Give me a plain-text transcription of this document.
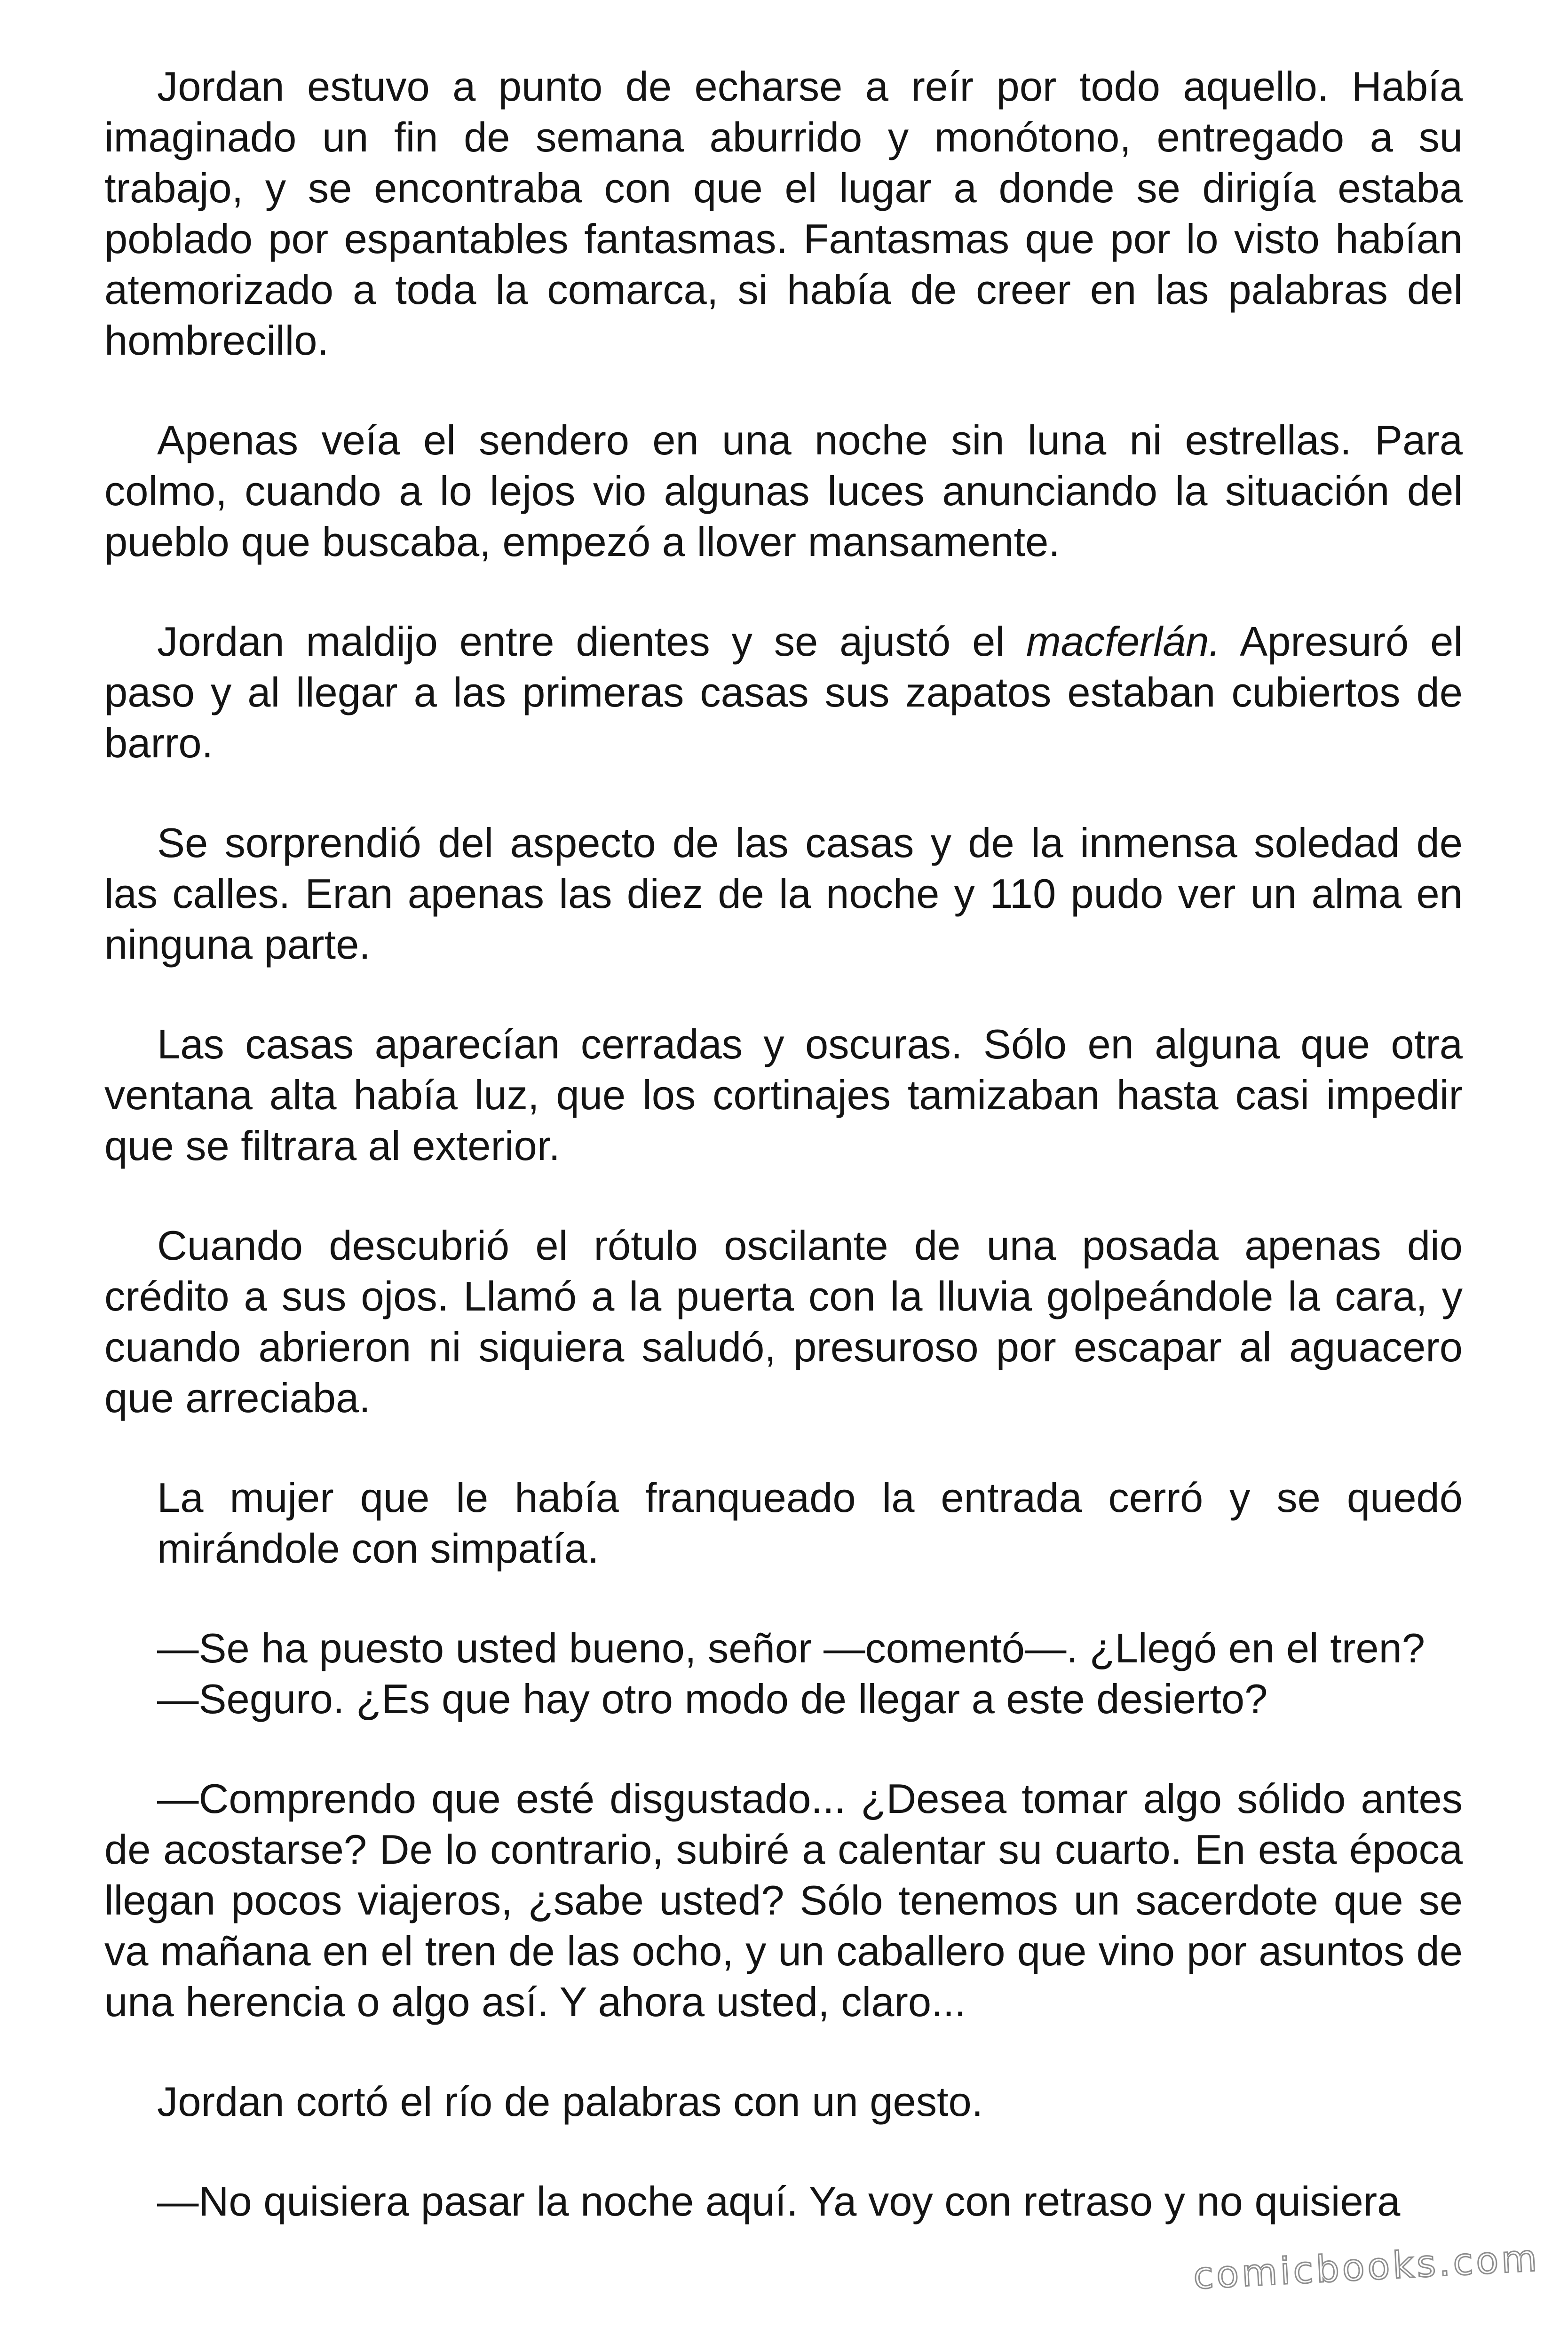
Jordan estuvo a punto de echarse a reír por todo aquello. Había imaginado un fin de semana aburrido y monótono, entregado a su trabajo, y se encontraba con que el lugar a donde se dirigía estaba poblado por espantables fantasmas. Fantasmas que por lo visto habían atemorizado a toda la comarca, si había de creer en las palabras del hombrecillo.

Apenas veía el sendero en una noche sin luna ni estrellas. Para colmo, cuando a lo lejos vio algunas luces anunciando la situación del pueblo que buscaba, empezó a llover mansamente.

Jordan maldijo entre dientes y se ajustó el macferlán. Apresuró el paso y al llegar a las primeras casas sus zapatos estaban cubiertos de barro.

Se sorprendió del aspecto de las casas y de la inmensa soledad de las calles. Eran apenas las diez de la noche y 110 pudo ver un alma en ninguna parte.

Las casas aparecían cerradas y oscuras. Sólo en alguna que otra ventana alta había luz, que los cortinajes tamizaban hasta casi impedir que se filtrara al exterior.

Cuando descubrió el rótulo oscilante de una posada apenas dio crédito a sus ojos. Llamó a la puerta con la lluvia golpeándole la cara, y cuando abrieron ni siquiera saludó, presuroso por escapar al aguacero que arreciaba.

La mujer que le había franqueado la entrada cerró y se quedó mirándole con simpatía.

—Se ha puesto usted bueno, señor —comentó—. ¿Llegó en el tren?

—Seguro. ¿Es que hay otro modo de llegar a este desierto?

—Comprendo que esté disgustado... ¿Desea tomar algo sólido antes de acostarse? De lo contrario, subiré a calentar su cuarto. En esta época llegan pocos viajeros, ¿sabe usted? Sólo tenemos un sacerdote que se va mañana en el tren de las ocho, y un caballero que vino por asuntos de una herencia o algo así. Y ahora usted, claro...

Jordan cortó el río de palabras con un gesto.

—No quisiera pasar la noche aquí. Ya voy con retraso y no quisiera

comicbooks.com
